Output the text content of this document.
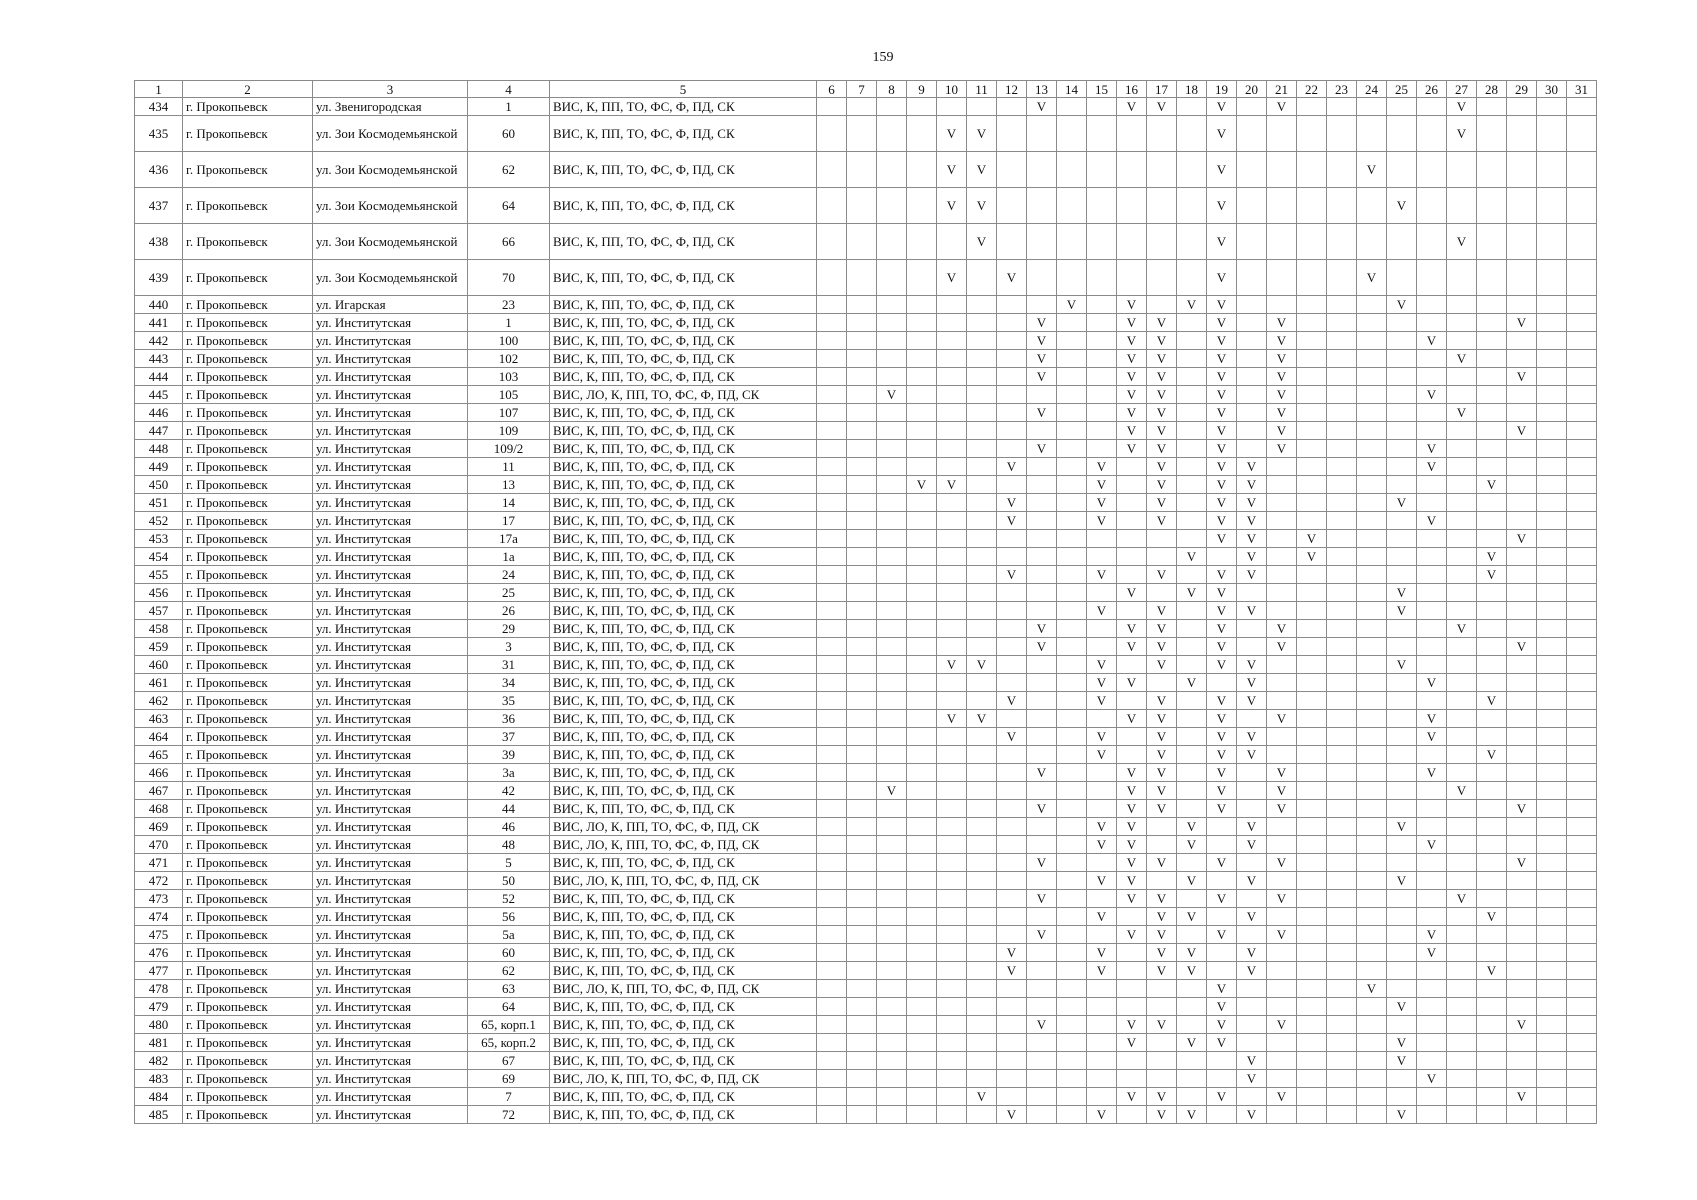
159
1	2	3	4	5	6	7	8	9	10	11	12	13	14	15	16	17	18	19	20	21	22	23	24	25	26	27	28	29	30	31
434	г. Прокопьевск	ул. Звенигородская	1	ВИС, К, ПП, ТО, ФС, Ф, ПД, СК								V			V	V		V		V						V				
435	г. Прокопьевск	ул. Зои Космодемьянской	60	ВИС, К, ПП, ТО, ФС, Ф, ПД, СК					V	V								V								V				
436	г. Прокопьевск	ул. Зои Космодемьянской	62	ВИС, К, ПП, ТО, ФС, Ф, ПД, СК					V	V								V					V							
437	г. Прокопьевск	ул. Зои Космодемьянской	64	ВИС, К, ПП, ТО, ФС, Ф, ПД, СК					V	V								V						V						
438	г. Прокопьевск	ул. Зои Космодемьянской	66	ВИС, К, ПП, ТО, ФС, Ф, ПД, СК						V								V								V				
439	г. Прокопьевск	ул. Зои Космодемьянской	70	ВИС, К, ПП, ТО, ФС, Ф, ПД, СК					V		V							V					V							
440	г. Прокопьевск	ул. Игарская	23	ВИС, К, ПП, ТО, ФС, Ф, ПД, СК									V		V		V	V						V						
441	г. Прокопьевск	ул. Институтская	1	ВИС, К, ПП, ТО, ФС, Ф, ПД, СК								V			V	V		V		V								V		
442	г. Прокопьевск	ул. Институтская	100	ВИС, К, ПП, ТО, ФС, Ф, ПД, СК								V			V	V		V		V					V					
443	г. Прокопьевск	ул. Институтская	102	ВИС, К, ПП, ТО, ФС, Ф, ПД, СК								V			V	V		V		V						V				
444	г. Прокопьевск	ул. Институтская	103	ВИС, К, ПП, ТО, ФС, Ф, ПД, СК								V			V	V		V		V								V		
445	г. Прокопьевск	ул. Институтская	105	ВИС, ЛО, К, ПП, ТО, ФС, Ф, ПД, СК			V								V	V		V		V					V					
446	г. Прокопьевск	ул. Институтская	107	ВИС, К, ПП, ТО, ФС, Ф, ПД, СК								V			V	V		V		V						V				
447	г. Прокопьевск	ул. Институтская	109	ВИС, К, ПП, ТО, ФС, Ф, ПД, СК											V	V		V		V								V		
448	г. Прокопьевск	ул. Институтская	109/2	ВИС, К, ПП, ТО, ФС, Ф, ПД, СК								V			V	V		V		V					V					
449	г. Прокопьевск	ул. Институтская	11	ВИС, К, ПП, ТО, ФС, Ф, ПД, СК							V			V		V		V	V						V					
450	г. Прокопьевск	ул. Институтская	13	ВИС, К, ПП, ТО, ФС, Ф, ПД, СК				V	V					V		V		V	V								V			
451	г. Прокопьевск	ул. Институтская	14	ВИС, К, ПП, ТО, ФС, Ф, ПД, СК							V			V		V		V	V					V						
452	г. Прокопьевск	ул. Институтская	17	ВИС, К, ПП, ТО, ФС, Ф, ПД, СК							V			V		V		V	V						V					
453	г. Прокопьевск	ул. Институтская	17а	ВИС, К, ПП, ТО, ФС, Ф, ПД, СК														V	V		V							V		
454	г. Прокопьевск	ул. Институтская	1а	ВИС, К, ПП, ТО, ФС, Ф, ПД, СК													V		V		V						V			
455	г. Прокопьевск	ул. Институтская	24	ВИС, К, ПП, ТО, ФС, Ф, ПД, СК							V			V		V		V	V								V			
456	г. Прокопьевск	ул. Институтская	25	ВИС, К, ПП, ТО, ФС, Ф, ПД, СК											V		V	V						V						
457	г. Прокопьевск	ул. Институтская	26	ВИС, К, ПП, ТО, ФС, Ф, ПД, СК										V		V		V	V					V						
458	г. Прокопьевск	ул. Институтская	29	ВИС, К, ПП, ТО, ФС, Ф, ПД, СК								V			V	V		V		V						V				
459	г. Прокопьевск	ул. Институтская	3	ВИС, К, ПП, ТО, ФС, Ф, ПД, СК								V			V	V		V		V								V		
460	г. Прокопьевск	ул. Институтская	31	ВИС, К, ПП, ТО, ФС, Ф, ПД, СК					V	V				V		V		V	V					V						
461	г. Прокопьевск	ул. Институтская	34	ВИС, К, ПП, ТО, ФС, Ф, ПД, СК										V	V		V		V						V					
462	г. Прокопьевск	ул. Институтская	35	ВИС, К, ПП, ТО, ФС, Ф, ПД, СК							V			V		V		V	V								V			
463	г. Прокопьевск	ул. Институтская	36	ВИС, К, ПП, ТО, ФС, Ф, ПД, СК					V	V					V	V		V		V					V					
464	г. Прокопьевск	ул. Институтская	37	ВИС, К, ПП, ТО, ФС, Ф, ПД, СК							V			V		V		V	V						V					
465	г. Прокопьевск	ул. Институтская	39	ВИС, К, ПП, ТО, ФС, Ф, ПД, СК										V		V		V	V								V			
466	г. Прокопьевск	ул. Институтская	3а	ВИС, К, ПП, ТО, ФС, Ф, ПД, СК								V			V	V		V		V					V					
467	г. Прокопьевск	ул. Институтская	42	ВИС, К, ПП, ТО, ФС, Ф, ПД, СК			V								V	V		V		V						V				
468	г. Прокопьевск	ул. Институтская	44	ВИС, К, ПП, ТО, ФС, Ф, ПД, СК								V			V	V		V		V								V		
469	г. Прокопьевск	ул. Институтская	46	ВИС, ЛО, К, ПП, ТО, ФС, Ф, ПД, СК										V	V		V		V					V						
470	г. Прокопьевск	ул. Институтская	48	ВИС, ЛО, К, ПП, ТО, ФС, Ф, ПД, СК										V	V		V		V						V					
471	г. Прокопьевск	ул. Институтская	5	ВИС, К, ПП, ТО, ФС, Ф, ПД, СК								V			V	V		V		V								V		
472	г. Прокопьевск	ул. Институтская	50	ВИС, ЛО, К, ПП, ТО, ФС, Ф, ПД, СК										V	V		V		V					V						
473	г. Прокопьевск	ул. Институтская	52	ВИС, К, ПП, ТО, ФС, Ф, ПД, СК								V			V	V		V		V						V				
474	г. Прокопьевск	ул. Институтская	56	ВИС, К, ПП, ТО, ФС, Ф, ПД, СК										V		V	V		V								V			
475	г. Прокопьевск	ул. Институтская	5а	ВИС, К, ПП, ТО, ФС, Ф, ПД, СК								V			V	V		V		V					V					
476	г. Прокопьевск	ул. Институтская	60	ВИС, К, ПП, ТО, ФС, Ф, ПД, СК							V			V		V	V		V						V					
477	г. Прокопьевск	ул. Институтская	62	ВИС, К, ПП, ТО, ФС, Ф, ПД, СК							V			V		V	V		V								V			
478	г. Прокопьевск	ул. Институтская	63	ВИС, ЛО, К, ПП, ТО, ФС, Ф, ПД, СК														V					V							
479	г. Прокопьевск	ул. Институтская	64	ВИС, К, ПП, ТО, ФС, Ф, ПД, СК														V						V						
480	г. Прокопьевск	ул. Институтская	65, корп.1	ВИС, К, ПП, ТО, ФС, Ф, ПД, СК								V			V	V		V		V								V		
481	г. Прокопьевск	ул. Институтская	65, корп.2	ВИС, К, ПП, ТО, ФС, Ф, ПД, СК											V		V	V						V						
482	г. Прокопьевск	ул. Институтская	67	ВИС, К, ПП, ТО, ФС, Ф, ПД, СК															V					V						
483	г. Прокопьевск	ул. Институтская	69	ВИС, ЛО, К, ПП, ТО, ФС, Ф, ПД, СК															V						V					
484	г. Прокопьевск	ул. Институтская	7	ВИС, К, ПП, ТО, ФС, Ф, ПД, СК						V					V	V		V		V								V		
485	г. Прокопьевск	ул. Институтская	72	ВИС, К, ПП, ТО, ФС, Ф, ПД, СК							V			V		V	V		V					V						
